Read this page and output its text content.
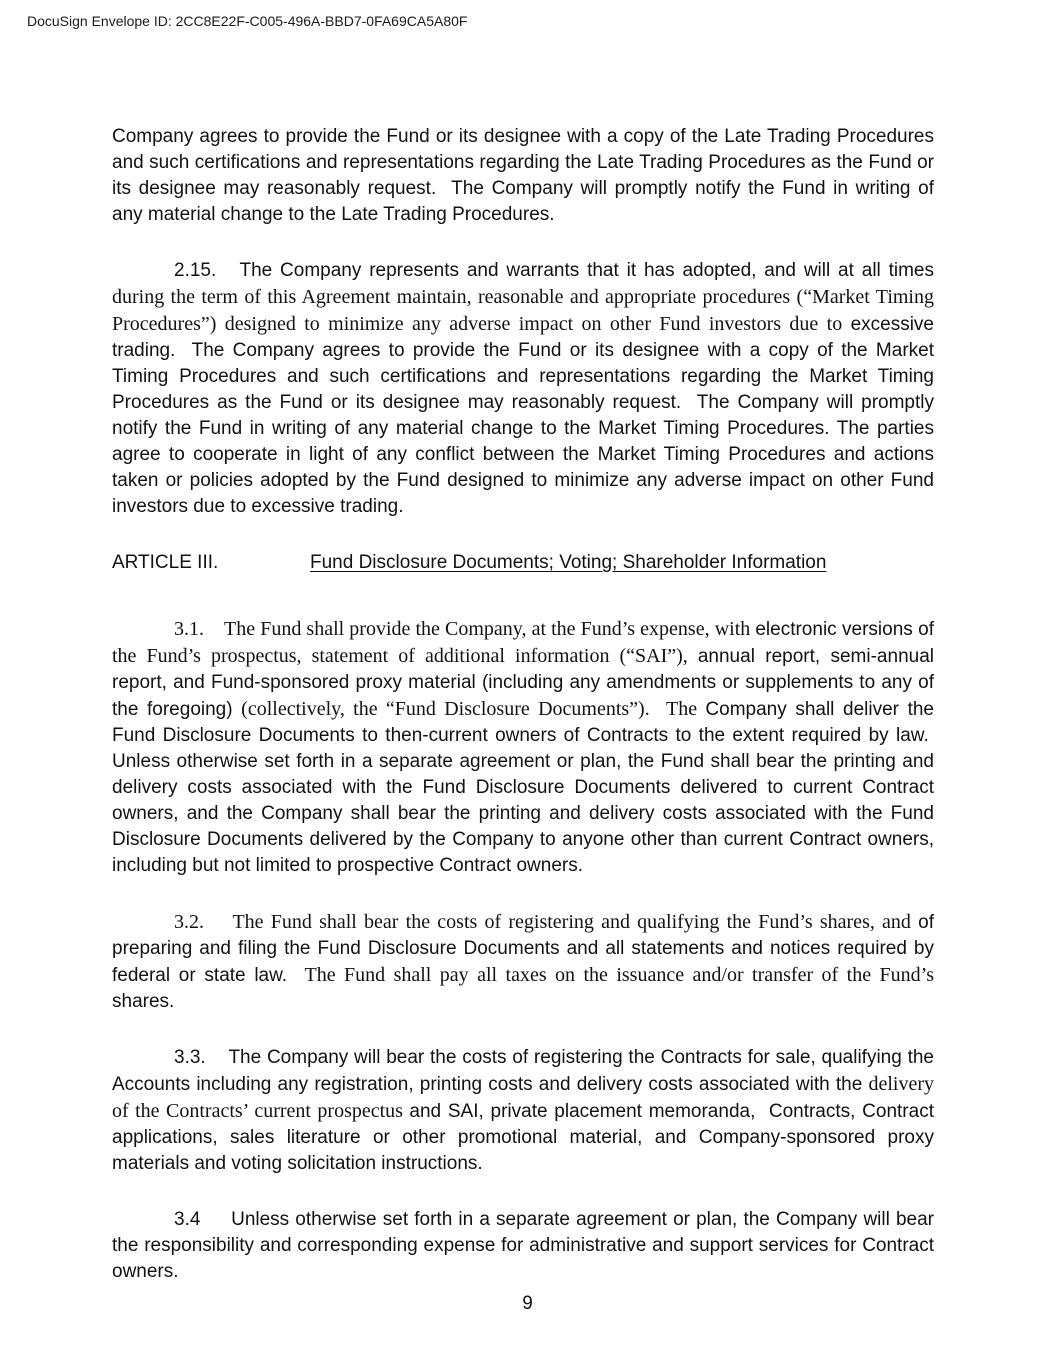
DocuSign Envelope ID: 2CC8E22F-C005-496A-BBD7-0FA69CA5A80F

Company agrees to provide the Fund or its designee with a copy of the Late Trading Procedures and such certifications and representations regarding the Late Trading Procedures as the Fund or its designee may reasonably request.  The Company will promptly notify the Fund in writing of any material change to the Late Trading Procedures.

2.15.   The Company represents and warrants that it has adopted, and will at all times during the term of this Agreement maintain, reasonable and appropriate procedures (“Market Timing Procedures”) designed to minimize any adverse impact on other Fund investors due to excessive trading.  The Company agrees to provide the Fund or its designee with a copy of the Market Timing Procedures and such certifications and representations regarding the Market Timing Procedures as the Fund or its designee may reasonably request.  The Company will promptly notify the Fund in writing of any material change to the Market Timing Procedures. The parties agree to cooperate in light of any conflict between the Market Timing Procedures and actions taken or policies adopted by the Fund designed to minimize any adverse impact on other Fund investors due to excessive trading.

ARTICLE III.	Fund Disclosure Documents; Voting; Shareholder Information

3.1.    The Fund shall provide the Company, at the Fund’s expense, with electronic versions of the Fund’s prospectus, statement of additional information (“SAI”), annual report, semi-annual report, and Fund-sponsored proxy material (including any amendments or supplements to any of the foregoing) (collectively, the “Fund Disclosure Documents”).  The Company shall deliver the Fund Disclosure Documents to then-current owners of Contracts to the extent required by law.  Unless otherwise set forth in a separate agreement or plan, the Fund shall bear the printing and delivery costs associated with the Fund Disclosure Documents delivered to current Contract owners, and the Company shall bear the printing and delivery costs associated with the Fund Disclosure Documents delivered by the Company to anyone other than current Contract owners, including but not limited to prospective Contract owners.

3.2.    The Fund shall bear the costs of registering and qualifying the Fund’s shares, and of preparing and filing the Fund Disclosure Documents and all statements and notices required by federal or state law.  The Fund shall pay all taxes on the issuance and/or transfer of the Fund’s shares.

3.3.    The Company will bear the costs of registering the Contracts for sale, qualifying the Accounts including any registration, printing costs and delivery costs associated with the delivery of the Contracts’ current prospectus and SAI, private placement memoranda,  Contracts, Contract applications, sales literature or other promotional material, and Company-sponsored proxy materials and voting solicitation instructions.

3.4     Unless otherwise set forth in a separate agreement or plan, the Company will bear the responsibility and corresponding expense for administrative and support services for Contract owners.

9
